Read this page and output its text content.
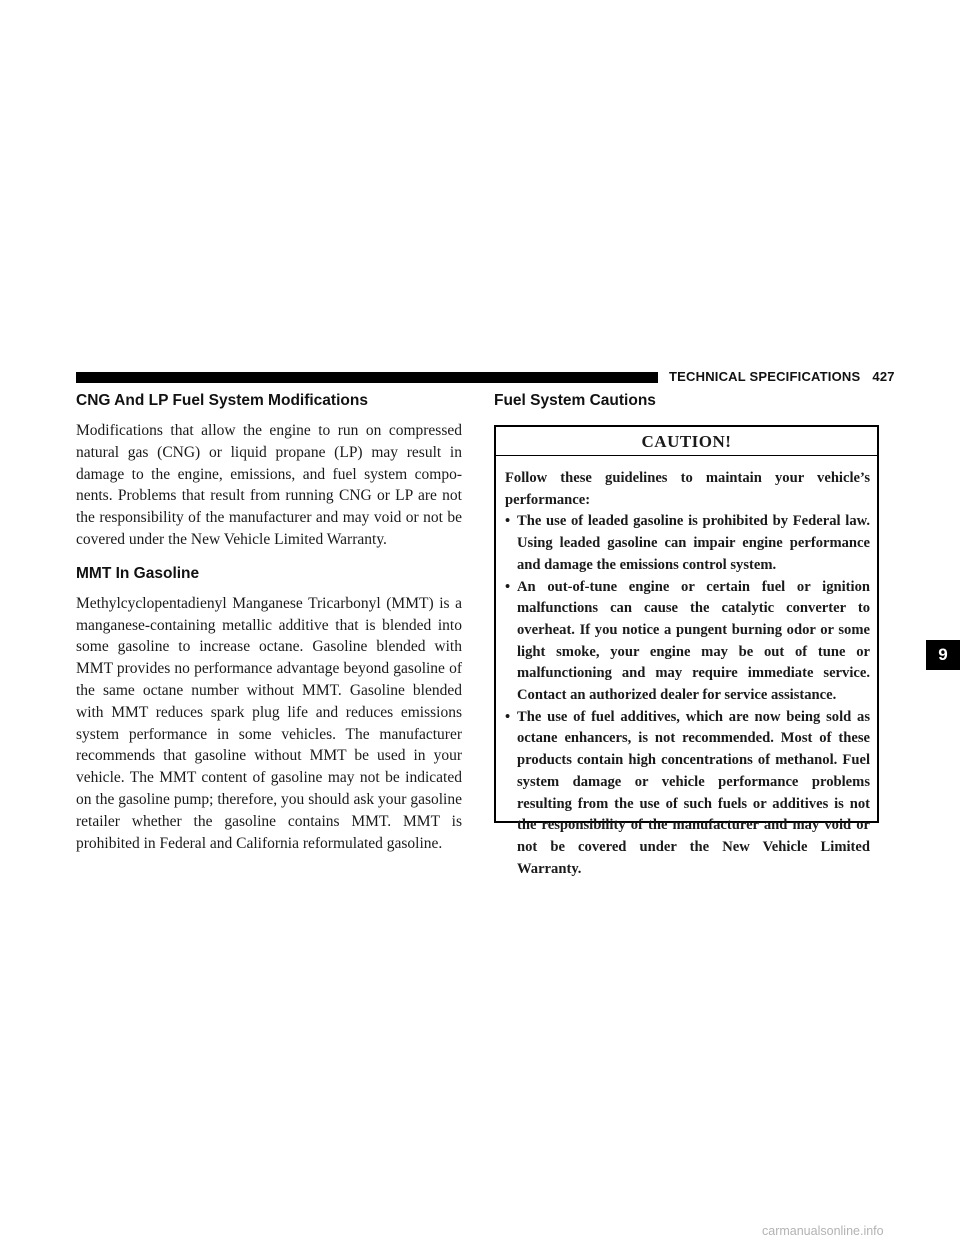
TECHNICAL SPECIFICATIONS 427
CNG And LP Fuel System Modifications

Modifications that allow the engine to run on compressed natural gas (CNG) or liquid propane (LP) may result in damage to the engine, emissions, and fuel system components. Problems that result from running CNG or LP are not the responsibility of the manufacturer and may void or not be covered under the New Vehicle Limited Warranty.

MMT In Gasoline

Methylcyclopentadienyl Manganese Tricarbonyl (MMT) is a manganese-containing metallic additive that is blended into some gasoline to increase octane. Gasoline blended with MMT provides no performance advantage beyond gasoline of the same octane number without MMT. Gasoline blended with MMT reduces spark plug life and reduces emissions system performance in some vehicles. The manufacturer recommends that gasoline without MMT be used in your vehicle. The MMT content of gasoline may not be indicated on the gasoline pump; therefore, you should ask your gasoline retailer whether the gasoline contains MMT. MMT is prohibited in Federal and California reformulated gasoline.

Fuel System Cautions
CAUTION!

Follow these guidelines to maintain your vehicle’s performance:

• The use of leaded gasoline is prohibited by Federal law. Using leaded gasoline can impair engine performance and damage the emissions control system.
• An out-of-tune engine or certain fuel or ignition malfunctions can cause the catalytic converter to overheat. If you notice a pungent burning odor or some light smoke, your engine may be out of tune or malfunctioning and may require immediate service. Contact an authorized dealer for service assistance.
• The use of fuel additives, which are now being sold as octane enhancers, is not recommended. Most of these products contain high concentrations of methanol. Fuel system damage or vehicle performance problems resulting from the use of such fuels or additives is not the responsibility of the manufacturer and may void or not be covered under the New Vehicle Limited Warranty.
9
carmanualsonline.info
